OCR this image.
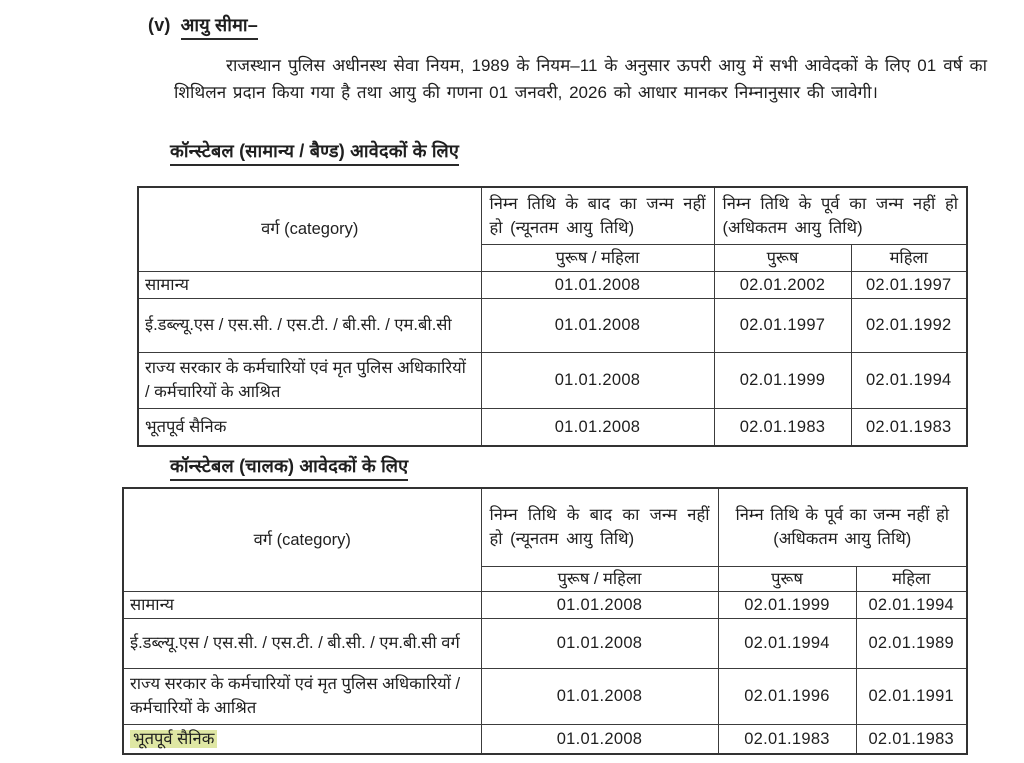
(v) आयु सीमा–
राजस्थान पुलिस अधीनस्थ सेवा नियम, 1989 के नियम–11 के अनुसार ऊपरी आयु में सभी आवेदकों के लिए 01 वर्ष का शिथिलन प्रदान किया गया है तथा आयु की गणना 01 जनवरी, 2026 को आधार मानकर निम्नानुसार की जावेगी।
कॉन्स्टेबल (सामान्य / बैण्ड) आवेदकों के लिए
वर्ग (category)	निम्न तिथि के बाद का जन्म नहीं हो (न्यूनतम आयु तिथि)	निम्न तिथि के पूर्व का जन्म नहीं हो (अधिकतम आयु तिथि)	
	पुरूष / महिला	पुरूष	महिला
सामान्य	01.01.2008	02.01.2002	02.01.1997
ई.डब्ल्यू.एस / एस.सी. / एस.टी. / बी.सी. / एम.बी.सी	01.01.2008	02.01.1997	02.01.1992
राज्य सरकार के कर्मचारियों एवं मृत पुलिस अधिकारियों / कर्मचारियों के आश्रित	01.01.2008	02.01.1999	02.01.1994
भूतपूर्व सैनिक	01.01.2008	02.01.1983	02.01.1983
कॉन्स्टेबल (चालक) आवेदकों के लिए
वर्ग (category)	निम्न तिथि के बाद का जन्म नहीं हो (न्यूनतम आयु तिथि)	निम्न तिथि के पूर्व का जन्म नहीं हो (अधिकतम आयु तिथि)	
	पुरूष / महिला	पुरूष	महिला
सामान्य	01.01.2008	02.01.1999	02.01.1994
ई.डब्ल्यू.एस / एस.सी. / एस.टी. / बी.सी. / एम.बी.सी वर्ग	01.01.2008	02.01.1994	02.01.1989
राज्य सरकार के कर्मचारियों एवं मृत पुलिस अधिकारियों / कर्मचारियों के आश्रित	01.01.2008	02.01.1996	02.01.1991
भूतपूर्व सैनिक	01.01.2008	02.01.1983	02.01.1983
